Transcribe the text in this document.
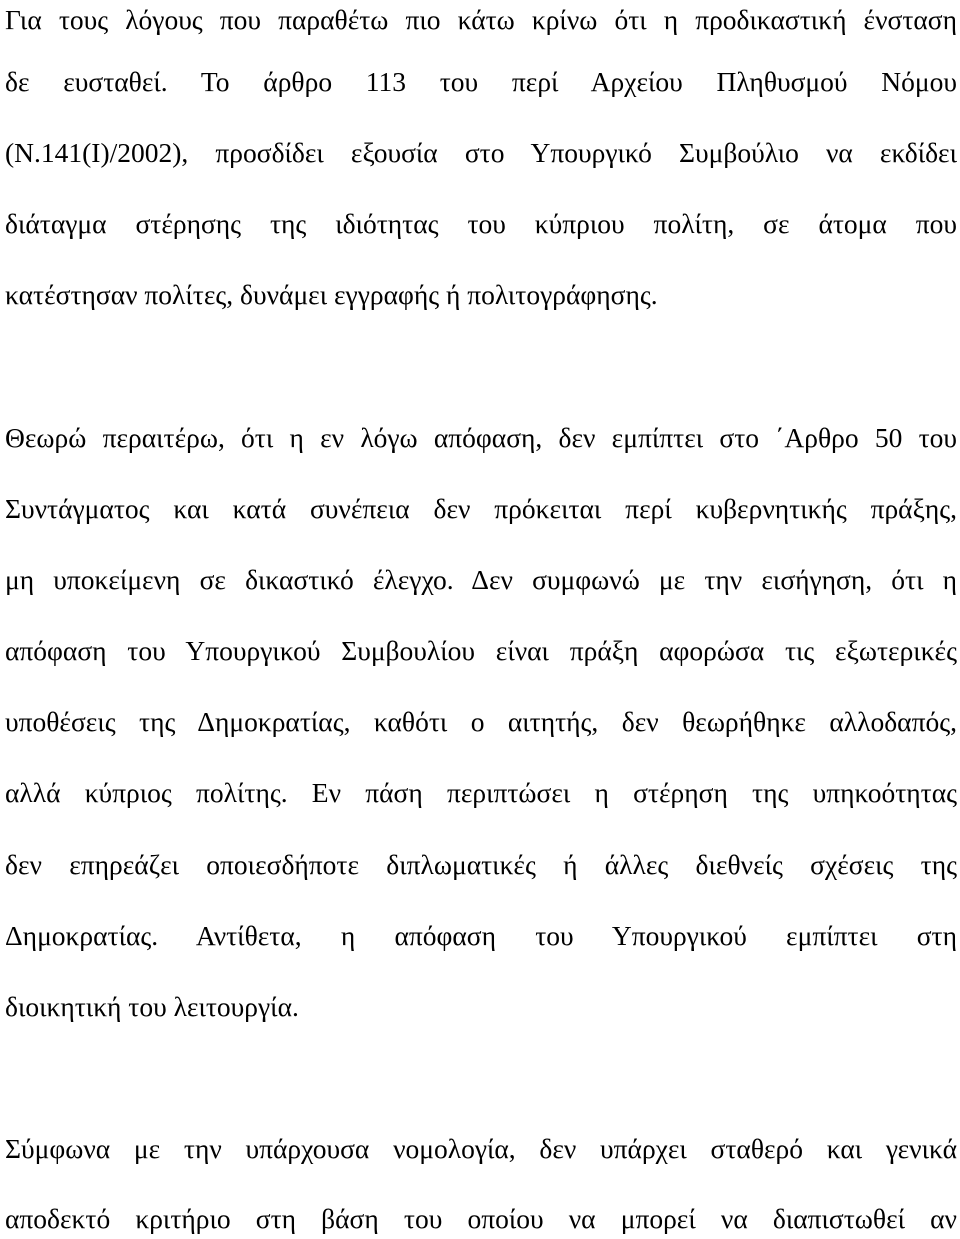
Για τους λόγους που παραθέτω πιο κάτω κρίνω ότι η προδικαστική ένσταση
δε ευσταθεί. Το άρθρο 113 του περί Αρχείου Πληθυσμού Νόμου
(Ν.141(Ι)/2002), προσδίδει εξουσία στο Υπουργικό Συμβούλιο να εκδίδει
διάταγμα στέρησης της ιδιότητας του κύπριου πολίτη, σε άτομα που
κατέστησαν πολίτες, δυνάμει εγγραφής ή πολιτογράφησης.
Θεωρώ περαιτέρω, ότι η εν λόγω απόφαση, δεν εμπίπτει στο ΄Αρθρο 50 του
Συντάγματος και κατά συνέπεια δεν πρόκειται περί κυβερνητικής πράξης,
μη υποκείμενη σε δικαστικό έλεγχο. Δεν συμφωνώ με την εισήγηση, ότι η
απόφαση του Υπουργικού Συμβουλίου είναι πράξη αφορώσα τις εξωτερικές
υποθέσεις της Δημοκρατίας, καθότι ο αιτητής, δεν θεωρήθηκε αλλοδαπός,
αλλά κύπριος πολίτης. Εν πάση περιπτώσει η στέρηση της υπηκοότητας
δεν επηρεάζει οποιεσδήποτε διπλωματικές ή άλλες διεθνείς σχέσεις της
Δημοκρατίας. Αντίθετα, η απόφαση του Υπουργικού εμπίπτει στη
διοικητική του λειτουργία.
Σύμφωνα με την υπάρχουσα νομολογία, δεν υπάρχει σταθερό και γενικά
αποδεκτό κριτήριο στη βάση του οποίου να μπορεί να διαπιστωθεί αν
